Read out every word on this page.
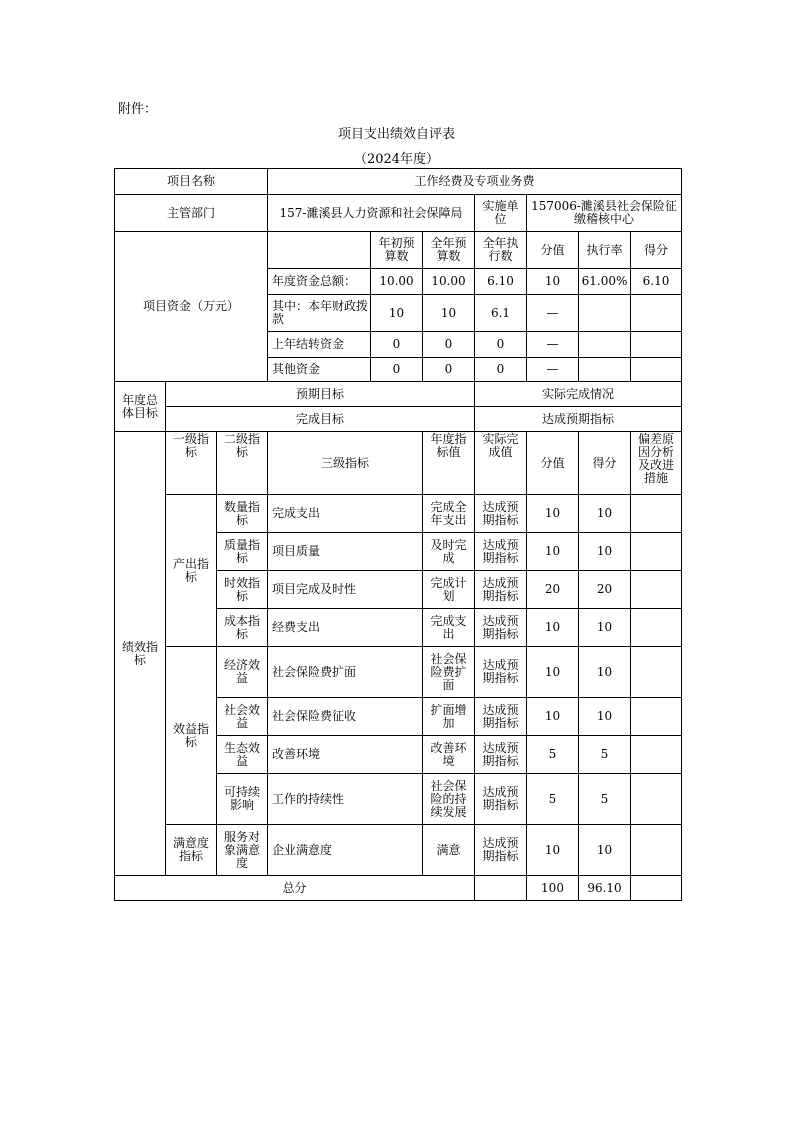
附件：
项目支出绩效自评表
（2024年度）
项目名称			工作经费及专项业务费						
主管部门			157-濉溪县人力资源和社会保障局			实施单位	157006-濉溪县社会保险征缴稽核中心		
项目资金（万元）				年初预算数	全年预算数	全年执行数	分值	执行率	得分
			年度资金总额：	10.00	10.00	6.10	10	61.00%	6.10
			其中：本年财政拨款	10	10	6.1	—		
			上年结转资金	0	0	0	—		
			其他资金	0	0	0	—		
年度总体目标	预期目标					实际完成情况			
	完成目标					达成预期指标			
绩效指标	一级指标	二级指标	三级指标		年度指标值	实际完成值	分值	得分	偏差原因分析及改进措施
	产出指标	数量指标	完成支出		完成全年支出	达成预期指标	10	10	
		质量指标	项目质量		及时完成	达成预期指标	10	10	
		时效指标	项目完成及时性		完成计划	达成预期指标	20	20	
		成本指标	经费支出		完成支出	达成预期指标	10	10	
	效益指标	经济效益	社会保险费扩面		社会保险费扩面	达成预期指标	10	10	
		社会效益	社会保险费征收		扩面增加	达成预期指标	10	10	
		生态效益	改善环境		改善环境	达成预期指标	5	5	
		可持续影响	工作的持续性		社会保险的持续发展	达成预期指标	5	5	
	满意度指标	服务对象满意度	企业满意度		满意	达成预期指标	10	10	
总分							100	96.10	
